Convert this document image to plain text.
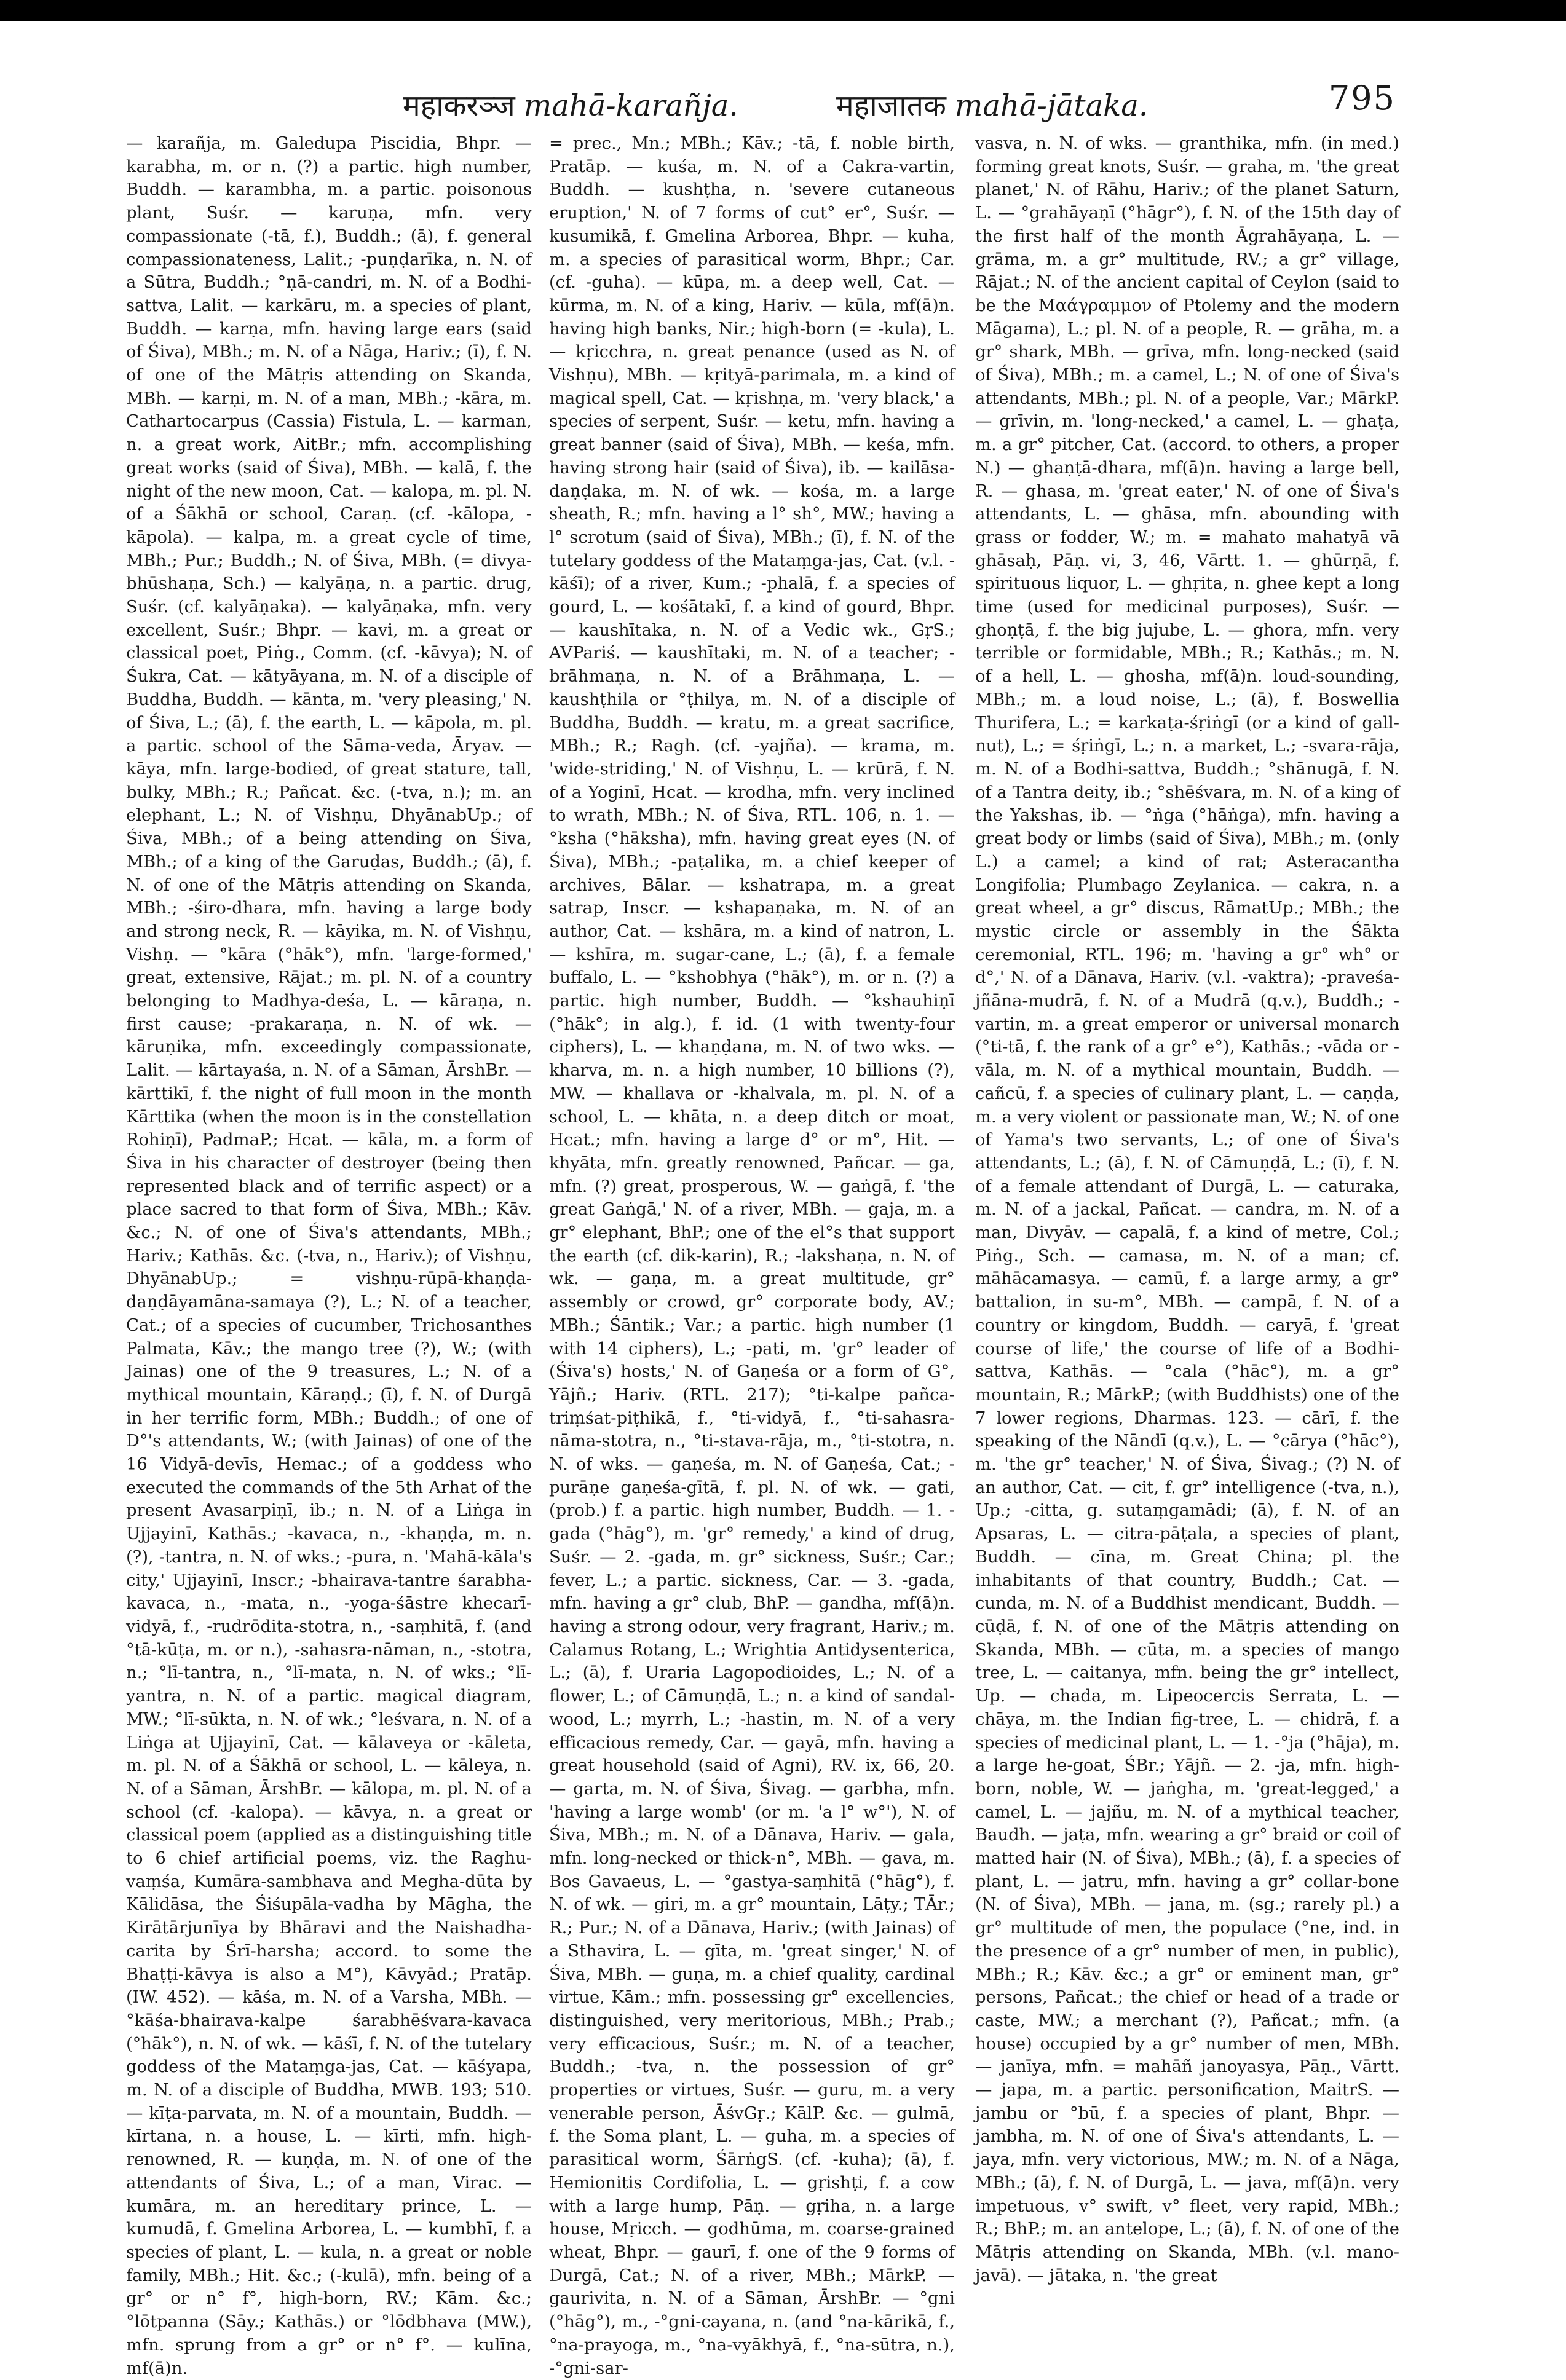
महाकरञ्ज mahā-karañja.	महाजातक mahā-jātaka.	795

— karañja, m. Galedupa Piscidia, Bhpr. — karabha, m. or n. (?) a partic. high number, Buddh. — karambha, m. a partic. poisonous plant, Suśr. — karuṇa, mfn. very compassionate (-tā, f.), Buddh.; (ā), f. general compassionateness, Lalit.; -puṇḍarīka, n. N. of a Sūtra, Buddh.; °ṇā-candri, m. N. of a Bodhi-sattva, Lalit. — karkāru, m. a species of plant, Buddh. — karṇa, mfn. having large ears (said of Śiva), MBh.; m. N. of a Nāga, Hariv.; (ī), f. N. of one of the Mātṛis attending on Skanda, MBh. — karṇi, m. N. of a man, MBh.; -kāra, m. Cathartocarpus (Cassia) Fistula, L. — karman, n. a great work, AitBr.; mfn. accomplishing great works (said of Śiva), MBh. — kalā, f. the night of the new moon, Cat. — kalopa, m. pl. N. of a Śākhā or school, Caraṇ. (cf. -kālopa, -kāpola). — kalpa, m. a great cycle of time, MBh.; Pur.; Buddh.; N. of Śiva, MBh. (= divya-bhūshaṇa, Sch.) — kalyāṇa, n. a partic. drug, Suśr. (cf. kalyāṇaka). — kalyāṇaka, mfn. very excellent, Suśr.; Bhpr. — kavi, m. a great or classical poet, Piṅg., Comm. (cf. -kāvya); N. of Śukra, Cat. — kātyāyana, m. N. of a disciple of Buddha, Buddh. — kānta, m. 'very pleasing,' N. of Śiva, L.; (ā), f. the earth, L. — kāpola, m. pl. a partic. school of the Sāma-veda, Āryav. — kāya, mfn. large-bodied, of great stature, tall, bulky, MBh.; R.; Pañcat. &c. (-tva, n.); m. an elephant, L.; N. of Vishṇu, DhyānabUp.; of Śiva, MBh.; of a being attending on Śiva, MBh.; of a king of the Garuḍas, Buddh.; (ā), f. N. of one of the Mātṛis attending on Skanda, MBh.; -śiro-dhara, mfn. having a large body and strong neck, R. — kāyika, m. N. of Vishṇu, Vishṇ. — °kāra (°hāk°), mfn. 'large-formed,' great, extensive, Rājat.; m. pl. N. of a country belonging to Madhya-deśa, L. — kāraṇa, n. first cause; -prakaraṇa, n. N. of wk. — kāruṇika, mfn. exceedingly compassionate, Lalit. — kārtayaśa, n. N. of a Sāman, ĀrshBr. — kārttikī, f. the night of full moon in the month Kārttika (when the moon is in the constellation Rohiṇī), PadmaP.; Hcat. — kāla, m. a form of Śiva in his character of destroyer (being then represented black and of terrific aspect) or a place sacred to that form of Śiva, MBh.; Kāv. &c.; N. of one of Śiva's attendants, MBh.; Hariv.; Kathās. &c. (-tva, n., Hariv.); of Vishṇu, DhyānabUp.; = vishṇu-rūpā-khaṇḍa-daṇḍāyamāna-samaya (?), L.; N. of a teacher, Cat.; of a species of cucumber, Trichosanthes Palmata, Kāv.; the mango tree (?), W.; (with Jainas) one of the 9 treasures, L.; N. of a mythical mountain, Kāraṇḍ.; (ī), f. N. of Durgā in her terrific form, MBh.; Buddh.; of one of D°'s attendants, W.; (with Jainas) of one of the 16 Vidyā-devīs, Hemac.; of a goddess who executed the commands of the 5th Arhat of the present Avasarpiṇī, ib.; n. N. of a Liṅga in Ujjayinī, Kathās.; -kavaca, n., -khaṇḍa, m. n. (?), -tantra, n. N. of wks.; -pura, n. 'Mahā-kāla's city,' Ujjayinī, Inscr.; -bhairava-tantre śarabha-kavaca, n., -mata, n., -yoga-śāstre khecarī-vidyā, f., -rudrōdita-stotra, n., -saṃhitā, f. (and °tā-kūṭa, m. or n.), -sahasra-nāman, n., -stotra, n.; °lī-tantra, n., °lī-mata, n. N. of wks.; °lī-yantra, n. N. of a partic. magical diagram, MW.; °lī-sūkta, n. N. of wk.; °leśvara, n. N. of a Liṅga at Ujjayinī, Cat. — kālaveya or -kāleta, m. pl. N. of a Śākhā or school, L. — kāleya, n. N. of a Sāman, ĀrshBr. — kālopa, m. pl. N. of a school (cf. -kalopa). — kāvya, n. a great or classical poem (applied as a distinguishing title to 6 chief artificial poems, viz. the Raghu-vaṃśa, Kumāra-sambhava and Megha-dūta by Kālidāsa, the Śiśupāla-vadha by Māgha, the Kirātārjunīya by Bhāravi and the Naishadha-carita by Śrī-harsha; accord. to some the Bhaṭṭi-kāvya is also a M°), Kāvyād.; Pratāp. (IW. 452). — kāśa, m. N. of a Varsha, MBh. — °kāśa-bhairava-kalpe śarabhēśvara-kavaca (°hāk°), n. N. of wk. — kāśī, f. N. of the tutelary goddess of the Mataṃga-jas, Cat. — kāśyapa, m. N. of a disciple of Buddha, MWB. 193; 510. — kīṭa-parvata, m. N. of a mountain, Buddh. — kīrtana, n. a house, L. — kīrti, mfn. high-renowned, R. — kuṇḍa, m. N. of one of the attendants of Śiva, L.; of a man, Virac. — kumāra, m. an hereditary prince, L. — kumudā, f. Gmelina Arborea, L. — kumbhī, f. a species of plant, L. — kula, n. a great or noble family, MBh.; Hit. &c.; (-kulā), mfn. being of a gr° or n° f°, high-born, RV.; Kām. &c.; °lōtpanna (Sāy.; Kathās.) or °lōdbhava (MW.), mfn. sprung from a gr° or n° f°. — kulīna, mf(ā)n.

= prec., Mn.; MBh.; Kāv.; -tā, f. noble birth, Pratāp. — kuśa, m. N. of a Cakra-vartin, Buddh. — kushṭha, n. 'severe cutaneous eruption,' N. of 7 forms of cut° er°, Suśr. — kusumikā, f. Gmelina Arborea, Bhpr. — kuha, m. a species of parasitical worm, Bhpr.; Car. (cf. -guha). — kūpa, m. a deep well, Cat. — kūrma, m. N. of a king, Hariv. — kūla, mf(ā)n. having high banks, Nir.; high-born (= -kula), L. — kṛicchra, n. great penance (used as N. of Vishṇu), MBh. — kṛityā-parimala, m. a kind of magical spell, Cat. — kṛishṇa, m. 'very black,' a species of serpent, Suśr. — ketu, mfn. having a great banner (said of Śiva), MBh. — keśa, mfn. having strong hair (said of Śiva), ib. — kailāsa-daṇḍaka, m. N. of wk. — kośa, m. a large sheath, R.; mfn. having a l° sh°, MW.; having a l° scrotum (said of Śiva), MBh.; (ī), f. N. of the tutelary goddess of the Mataṃga-jas, Cat. (v.l. -kāśī); of a river, Kum.; -phalā, f. a species of gourd, L. — kośātakī, f. a kind of gourd, Bhpr. — kaushītaka, n. N. of a Vedic wk., GṛS.; AVPariś. — kaushītaki, m. N. of a teacher; -brāhmaṇa, n. N. of a Brāhmaṇa, L. — kaushṭhila or °ṭhilya, m. N. of a disciple of Buddha, Buddh. — kratu, m. a great sacrifice, MBh.; R.; Ragh. (cf. -yajña). — krama, m. 'wide-striding,' N. of Vishṇu, L. — krūrā, f. N. of a Yoginī, Hcat. — krodha, mfn. very inclined to wrath, MBh.; N. of Śiva, RTL. 106, n. 1. — °ksha (°hāksha), mfn. having great eyes (N. of Śiva), MBh.; -paṭalika, m. a chief keeper of archives, Bālar. — kshatrapa, m. a great satrap, Inscr. — kshapaṇaka, m. N. of an author, Cat. — kshāra, m. a kind of natron, L. — kshīra, m. sugar-cane, L.; (ā), f. a female buffalo, L. — °kshobhya (°hāk°), m. or n. (?) a partic. high number, Buddh. — °kshauhiṇī (°hāk°; in alg.), f. id. (1 with twenty-four ciphers), L. — khaṇḍana, m. N. of two wks. — kharva, m. n. a high number, 10 billions (?), MW. — khallava or -khalvala, m. pl. N. of a school, L. — khāta, n. a deep ditch or moat, Hcat.; mfn. having a large d° or m°, Hit. — khyāta, mfn. greatly renowned, Pañcar. — ga, mfn. (?) great, prosperous, W. — gaṅgā, f. 'the great Gaṅgā,' N. of a river, MBh. — gaja, m. a gr° elephant, BhP.; one of the el°s that support the earth (cf. dik-karin), R.; -lakshaṇa, n. N. of wk. — gaṇa, m. a great multitude, gr° assembly or crowd, gr° corporate body, AV.; MBh.; Śāntik.; Var.; a partic. high number (1 with 14 ciphers), L.; -pati, m. 'gr° leader of (Śiva's) hosts,' N. of Gaṇeśa or a form of G°, Yājñ.; Hariv. (RTL. 217); °ti-kalpe pañca-triṃśat-piṭhikā, f., °ti-vidyā, f., °ti-sahasra-nāma-stotra, n., °ti-stava-rāja, m., °ti-stotra, n. N. of wks. — gaṇeśa, m. N. of Gaṇeśa, Cat.; -purāṇe gaṇeśa-gītā, f. pl. N. of wk. — gati, (prob.) f. a partic. high number, Buddh. — 1. -gada (°hāg°), m. 'gr° remedy,' a kind of drug, Suśr. — 2. -gada, m. gr° sickness, Suśr.; Car.; fever, L.; a partic. sickness, Car. — 3. -gada, mfn. having a gr° club, BhP. — gandha, mf(ā)n. having a strong odour, very fragrant, Hariv.; m. Calamus Rotang, L.; Wrightia Antidysenterica, L.; (ā), f. Uraria Lagopodioides, L.; N. of a flower, L.; of Cāmuṇḍā, L.; n. a kind of sandal-wood, L.; myrrh, L.; -hastin, m. N. of a very efficacious remedy, Car. — gayā, mfn. having a great household (said of Agni), RV. ix, 66, 20. — garta, m. N. of Śiva, Śivag. — garbha, mfn. 'having a large womb' (or m. 'a l° w°'), N. of Śiva, MBh.; m. N. of a Dānava, Hariv. — gala, mfn. long-necked or thick-n°, MBh. — gava, m. Bos Gavaeus, L. — °gastya-saṃhitā (°hāg°), f. N. of wk. — giri, m. a gr° mountain, Lāṭy.; TĀr.; R.; Pur.; N. of a Dānava, Hariv.; (with Jainas) of a Sthavira, L. — gīta, m. 'great singer,' N. of Śiva, MBh. — guṇa, m. a chief quality, cardinal virtue, Kām.; mfn. possessing gr° excellencies, distinguished, very meritorious, MBh.; Prab.; very efficacious, Suśr.; m. N. of a teacher, Buddh.; -tva, n. the possession of gr° properties or virtues, Suśr. — guru, m. a very venerable person, ĀśvGṛ.; KālP. &c. — gulmā, f. the Soma plant, L. — guha, m. a species of parasitical worm, ŚārṅgS. (cf. -kuha); (ā), f. Hemionitis Cordifolia, L. — gṛishṭi, f. a cow with a large hump, Pāṇ. — gṛiha, n. a large house, Mṛicch. — godhūma, m. coarse-grained wheat, Bhpr. — gaurī, f. one of the 9 forms of Durgā, Cat.; N. of a river, MBh.; MārkP. — gaurivita, n. N. of a Sāman, ĀrshBr. — °gni (°hāg°), m., -°gni-cayana, n. (and °na-kārikā, f., °na-prayoga, m., °na-vyākhyā, f., °na-sūtra, n.), -°gni-sar-

vasva, n. N. of wks. — granthika, mfn. (in med.) forming great knots, Suśr. — graha, m. 'the great planet,' N. of Rāhu, Hariv.; of the planet Saturn, L. — °grahāyaṇī (°hāgr°), f. N. of the 15th day of the first half of the month Āgrahāyaṇa, L. — grāma, m. a gr° multitude, RV.; a gr° village, Rājat.; N. of the ancient capital of Ceylon (said to be the Μαάγραμμον of Ptolemy and the modern Māgama), L.; pl. N. of a people, R. — grāha, m. a gr° shark, MBh. — grīva, mfn. long-necked (said of Śiva), MBh.; m. a camel, L.; N. of one of Śiva's attendants, MBh.; pl. N. of a people, Var.; MārkP. — grīvin, m. 'long-necked,' a camel, L. — ghaṭa, m. a gr° pitcher, Cat. (accord. to others, a proper N.) — ghaṇṭā-dhara, mf(ā)n. having a large bell, R. — ghasa, m. 'great eater,' N. of one of Śiva's attendants, L. — ghāsa, mfn. abounding with grass or fodder, W.; m. = mahato mahatyā vā ghāsaḥ, Pāṇ. vi, 3, 46, Vārtt. 1. — ghūrṇā, f. spirituous liquor, L. — ghṛita, n. ghee kept a long time (used for medicinal purposes), Suśr. — ghoṇṭā, f. the big jujube, L. — ghora, mfn. very terrible or formidable, MBh.; R.; Kathās.; m. N. of a hell, L. — ghosha, mf(ā)n. loud-sounding, MBh.; m. a loud noise, L.; (ā), f. Boswellia Thurifera, L.; = karkaṭa-śṛiṅgī (or a kind of gall-nut), L.; = śṛiṅgī, L.; n. a market, L.; -svara-rāja, m. N. of a Bodhi-sattva, Buddh.; °shānugā, f. N. of a Tantra deity, ib.; °shēśvara, m. N. of a king of the Yakshas, ib. — °ṅga (°hāṅga), mfn. having a great body or limbs (said of Śiva), MBh.; m. (only L.) a camel; a kind of rat; Asteracantha Longifolia; Plumbago Zeylanica. — cakra, n. a great wheel, a gr° discus, RāmatUp.; MBh.; the mystic circle or assembly in the Śākta ceremonial, RTL. 196; m. 'having a gr° wh° or d°,' N. of a Dānava, Hariv. (v.l. -vaktra); -praveśa-jñāna-mudrā, f. N. of a Mudrā (q.v.), Buddh.; -vartin, m. a great emperor or universal monarch (°ti-tā, f. the rank of a gr° e°), Kathās.; -vāda or -vāla, m. N. of a mythical mountain, Buddh. — cañcū, f. a species of culinary plant, L. — caṇḍa, m. a very violent or passionate man, W.; N. of one of Yama's two servants, L.; of one of Śiva's attendants, L.; (ā), f. N. of Cāmuṇḍā, L.; (ī), f. N. of a female attendant of Durgā, L. — caturaka, m. N. of a jackal, Pañcat. — candra, m. N. of a man, Divyāv. — capalā, f. a kind of metre, Col.; Piṅg., Sch. — camasa, m. N. of a man; cf. māhācamasya. — camū, f. a large army, a gr° battalion, in su-m°, MBh. — campā, f. N. of a country or kingdom, Buddh. — caryā, f. 'great course of life,' the course of life of a Bodhi-sattva, Kathās. — °cala (°hāc°), m. a gr° mountain, R.; MārkP.; (with Buddhists) one of the 7 lower regions, Dharmas. 123. — cārī, f. the speaking of the Nāndī (q.v.), L. — °cārya (°hāc°), m. 'the gr° teacher,' N. of Śiva, Śivag.; (?) N. of an author, Cat. — cit, f. gr° intelligence (-tva, n.), Up.; -citta, g. sutaṃgamādi; (ā), f. N. of an Apsaras, L. — citra-pāṭala, a species of plant, Buddh. — cīna, m. Great China; pl. the inhabitants of that country, Buddh.; Cat. — cunda, m. N. of a Buddhist mendicant, Buddh. — cūḍā, f. N. of one of the Mātṛis attending on Skanda, MBh. — cūta, m. a species of mango tree, L. — caitanya, mfn. being the gr° intellect, Up. — chada, m. Lipeocercis Serrata, L. — chāya, m. the Indian fig-tree, L. — chidrā, f. a species of medicinal plant, L. — 1. -°ja (°hāja), m. a large he-goat, ŚBr.; Yājñ. — 2. -ja, mfn. high-born, noble, W. — jaṅgha, m. 'great-legged,' a camel, L. — jajñu, m. N. of a mythical teacher, Baudh. — jaṭa, mfn. wearing a gr° braid or coil of matted hair (N. of Śiva), MBh.; (ā), f. a species of plant, L. — jatru, mfn. having a gr° collar-bone (N. of Śiva), MBh. — jana, m. (sg.; rarely pl.) a gr° multitude of men, the populace (°ne, ind. in the presence of a gr° number of men, in public), MBh.; R.; Kāv. &c.; a gr° or eminent man, gr° persons, Pañcat.; the chief or head of a trade or caste, MW.; a merchant (?), Pañcat.; mfn. (a house) occupied by a gr° number of men, MBh. — janīya, mfn. = mahāñ janoyasya, Pāṇ., Vārtt. — japa, m. a partic. personification, MaitrS. — jambu or °bū, f. a species of plant, Bhpr. — jambha, m. N. of one of Śiva's attendants, L. — jaya, mfn. very victorious, MW.; m. N. of a Nāga, MBh.; (ā), f. N. of Durgā, L. — java, mf(ā)n. very impetuous, v° swift, v° fleet, very rapid, MBh.; R.; BhP.; m. an antelope, L.; (ā), f. N. of one of the Mātṛis attending on Skanda, MBh. (v.l. mano-javā). — jātaka, n. 'the great
